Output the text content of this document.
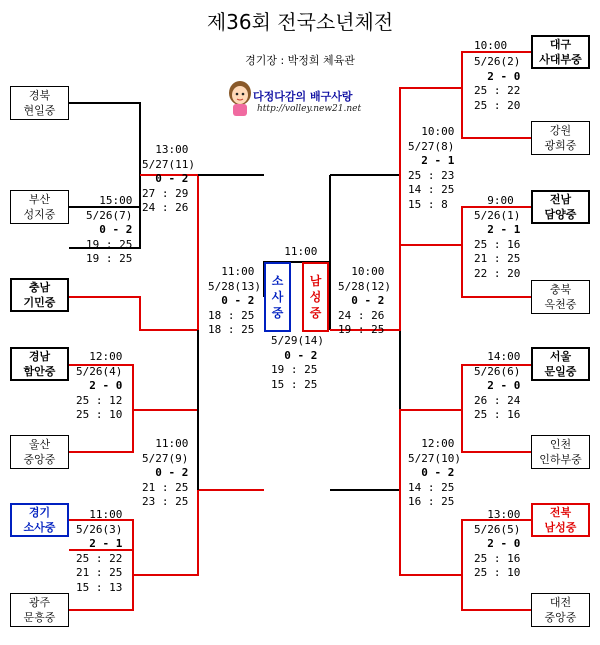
제36회 전국소년체전
경기장 : 박정희 체육관
다정다감의 배구사랑
http://volley.new21.net
경북
현일중
부산
성지중
충남
기민중
경남
함안중
울산
중앙중
경기
소사중
광주
문흥중
대구
사대부중
강원
광희중
전남
담양중
충북
옥천중
서울
문일중
인천
인하부중
전북
남성중
대전
중앙중
소
사
중
남
성
중
15:00
5/26(7)
0 - 2
19 : 25
19 : 25
13:00
5/27(11)
0 - 2
27 : 29
24 : 26
12:00
5/26(4)
2 - 0
25 : 12
25 : 10
11:00
5/26(3)
2 - 1
25 : 22
21 : 25
15 : 13
11:00
5/27(9)
0 - 2
21 : 25
23 : 25
11:00
5/28(13)
0 - 2
18 : 25
18 : 25
11:00
5/29(14)
0 - 2
19 : 25
15 : 25
10:00
5/28(12)
0 - 2
24 : 26
19 : 25
10:00
5/26(2)
2 - 0
25 : 22
25 : 20
10:00
5/27(8)
2 - 1
25 : 23
14 : 25
15 : 8	9:00
5/26(1)
2 - 1
25 : 16
21 : 25
22 : 20
14:00
5/26(6)
2 - 0
26 : 24
25 : 16
12:00
5/27(10)
0 - 2
14 : 25
16 : 25
13:00
5/26(5)
2 - 0
25 : 16
25 : 10
